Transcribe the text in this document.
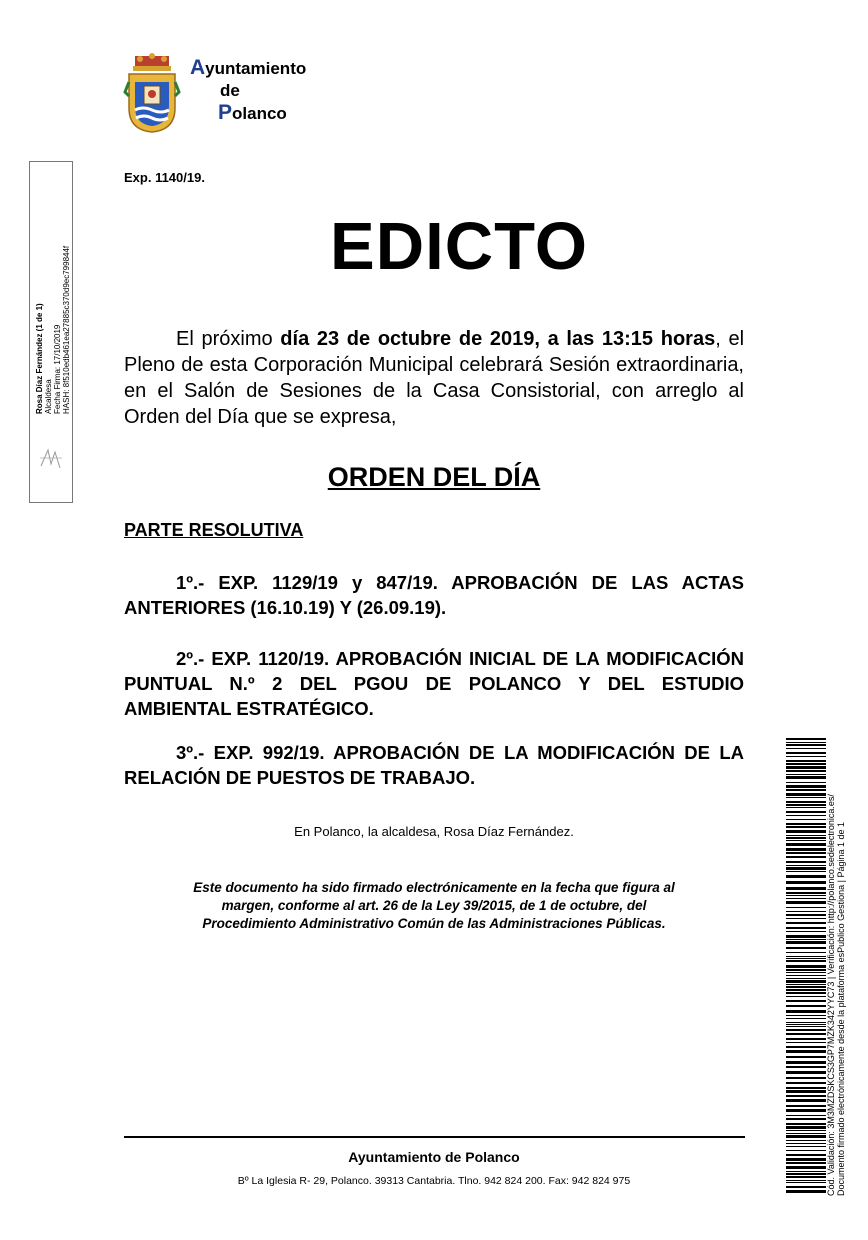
Ayuntamiento
de
Polanco
Rosa Díaz Fernández (1 de 1) Alcaldesa Fecha Firma: 17/10/2019 HASH: 8f510edb461ea27885c370d9ec799844f
Exp. 1140/19.
EDICTO
El próximo día 23 de octubre de 2019, a las 13:15 horas, el Pleno de esta Corporación Municipal celebrará Sesión extraordinaria, en el Salón de Sesiones de la Casa Consistorial, con arreglo al Orden del Día que se expresa,
ORDEN DEL DÍA
PARTE RESOLUTIVA
1º.- EXP. 1129/19 y 847/19. APROBACIÓN DE LAS ACTAS ANTERIORES (16.10.19) Y (26.09.19).
2º.- EXP. 1120/19. APROBACIÓN INICIAL DE LA MODIFICACIÓN PUNTUAL N.º 2 DEL PGOU DE POLANCO Y DEL ESTUDIO AMBIENTAL ESTRATÉGICO.
3º.- EXP. 992/19. APROBACIÓN DE LA MODIFICACIÓN DE LA RELACIÓN DE PUESTOS DE TRABAJO.
En Polanco, la alcaldesa, Rosa Díaz Fernández.
Este documento ha sido firmado electrónicamente en la fecha que figura al
margen, conforme al art. 26 de la Ley 39/2015, de 1 de octubre, del
Procedimiento Administrativo Común de las Administraciones Públicas.
Ayuntamiento de Polanco
Bº La Iglesia R- 29, Polanco. 39313 Cantabria. Tlno. 942 824 200. Fax: 942 824 975	Cód. Validación: 3M3MZDSKCS3GP7MZK342YYC73 | Verificación: http://polanco.sedelectronica.es/ Documento firmado electrónicamente desde la plataforma esPublico Gestiona | Página 1 de 1
